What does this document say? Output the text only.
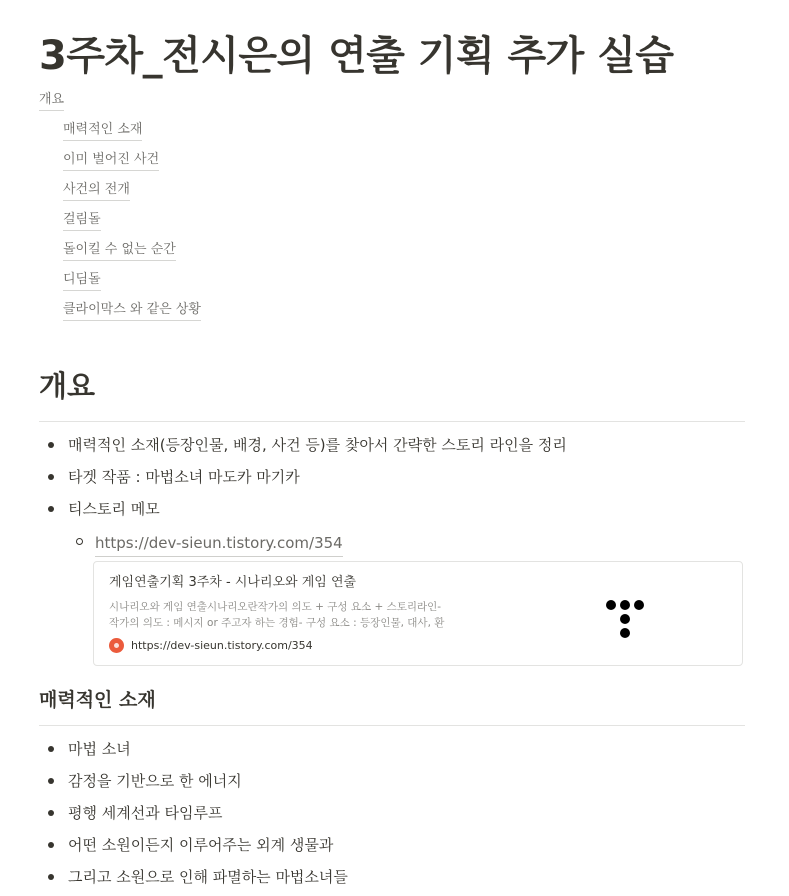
3주차_전시은의 연출 기획 추가 실습
개요
매력적인 소재
이미 벌어진 사건
사건의 전개
걸림돌
돌이킬 수 없는 순간
디딤돌
클라이막스 와 같은 상황
개요
매력적인 소재(등장인물, 배경, 사건 등)를 찾아서 간략한 스토리 라인을 정리
타겟 작품 : 마법소녀 마도카 마기카
티스토리 메모
https://dev-sieun.tistory.com/354
게임연출기획 3주차 - 시나리오와 게임 연출
시나리오와 게임 연출시나리오란작가의 의도 + 구성 요소 + 스토리라인-
작가의 의도 : 메시지 or 주고자 하는 경험- 구성 요소 : 등장인물, 대사, 환
https://dev-sieun.tistory.com/354
매력적인 소재
마법 소녀
감정을 기반으로 한 에너지
평행 세계선과 타임루프
어떤 소원이든지 이루어주는 외계 생물과
그리고 소원으로 인해 파멸하는 마법소녀들
